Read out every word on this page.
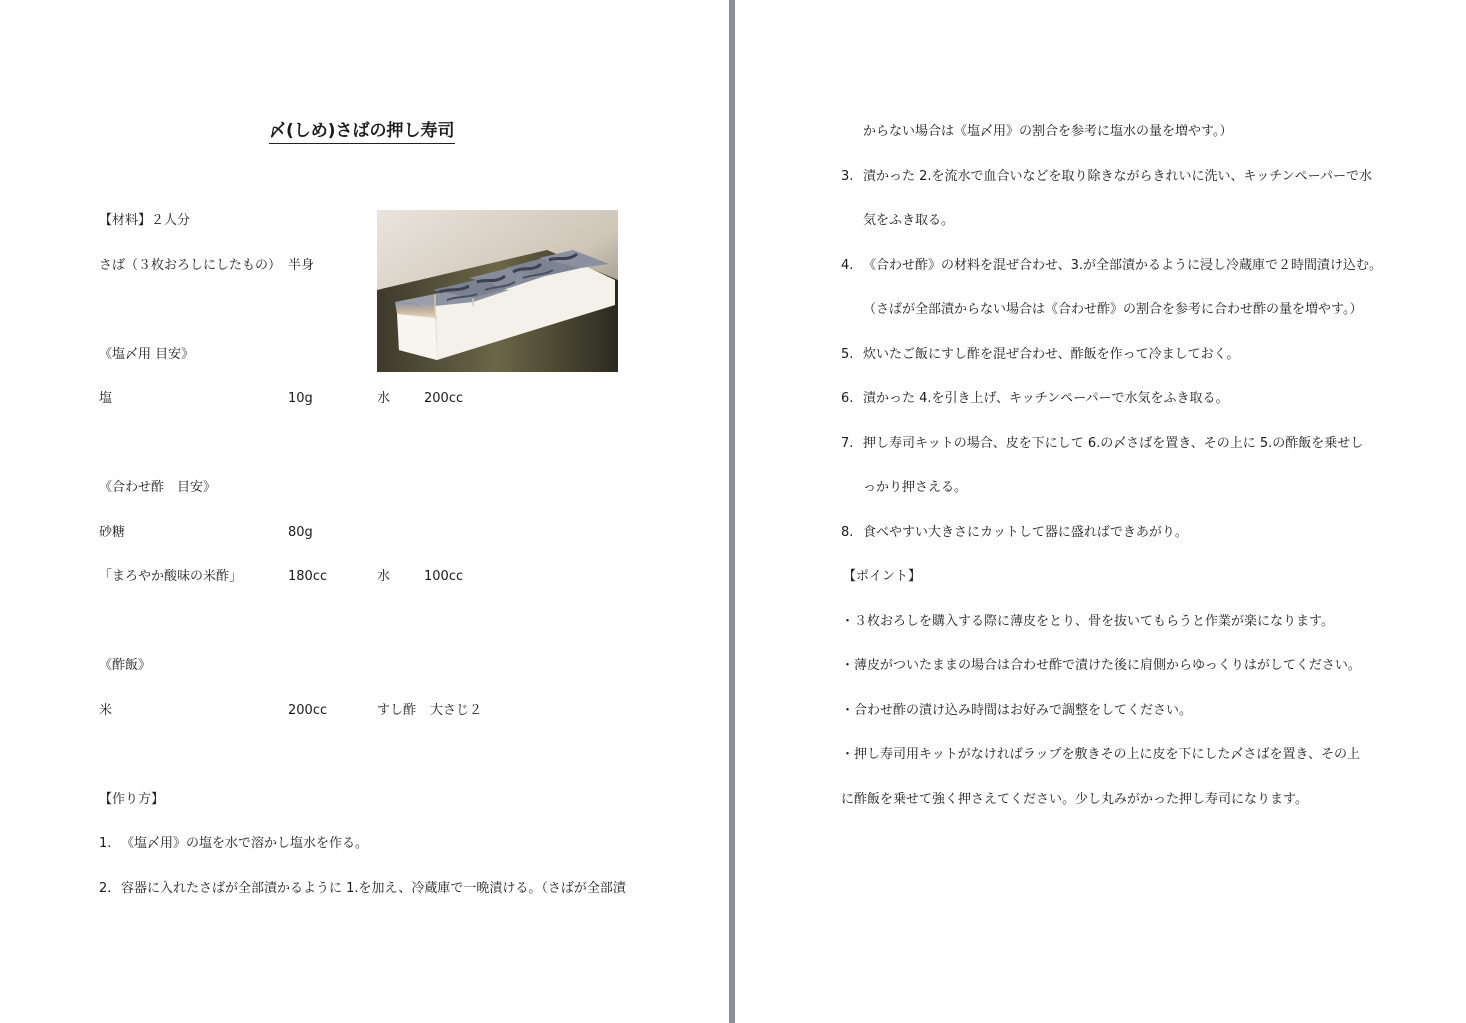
〆(しめ)さばの押し寿司
【材料】２人分
さば（３枚おろしにしたもの） 半身
《塩〆用 目安》
塩	10g	水	200cc
《合わせ酢　目安》
砂糖	80g
「まろやか酸味の米酢」	180cc	水	100cc
《酢飯》
米	200cc	すし酢 大さじ２
【作り方】
1. 《塩〆用》の塩を水で溶かし塩水を作る。
2. 容器に入れたさばが全部漬かるように 1.を加え、冷蔵庫で一晩漬ける。（さばが全部漬
からない場合は《塩〆用》の割合を参考に塩水の量を増やす。）
3. 漬かった 2.を流水で血合いなどを取り除きながらきれいに洗い、キッチンペーパーで水
気をふき取る。
4. 《合わせ酢》の材料を混ぜ合わせ、3.が全部漬かるように浸し冷蔵庫で２時間漬け込む。
（さばが全部漬からない場合は《合わせ酢》の割合を参考に合わせ酢の量を増やす。）
5. 炊いたご飯にすし酢を混ぜ合わせ、酢飯を作って冷ましておく。
6. 漬かった 4.を引き上げ、キッチンペーパーで水気をふき取る。
7. 押し寿司キットの場合、皮を下にして 6.の〆さばを置き、その上に 5.の酢飯を乗せし
っかり押さえる。
8. 食べやすい大きさにカットして器に盛ればできあがり。
【ポイント】
・３枚おろしを購入する際に薄皮をとり、骨を抜いてもらうと作業が楽になります。
・薄皮がついたままの場合は合わせ酢で漬けた後に肩側からゆっくりはがしてください。
・合わせ酢の漬け込み時間はお好みで調整をしてください。
・押し寿司用キットがなければラップを敷きその上に皮を下にした〆さばを置き、その上
に酢飯を乗せて強く押さえてください。少し丸みがかった押し寿司になります。
